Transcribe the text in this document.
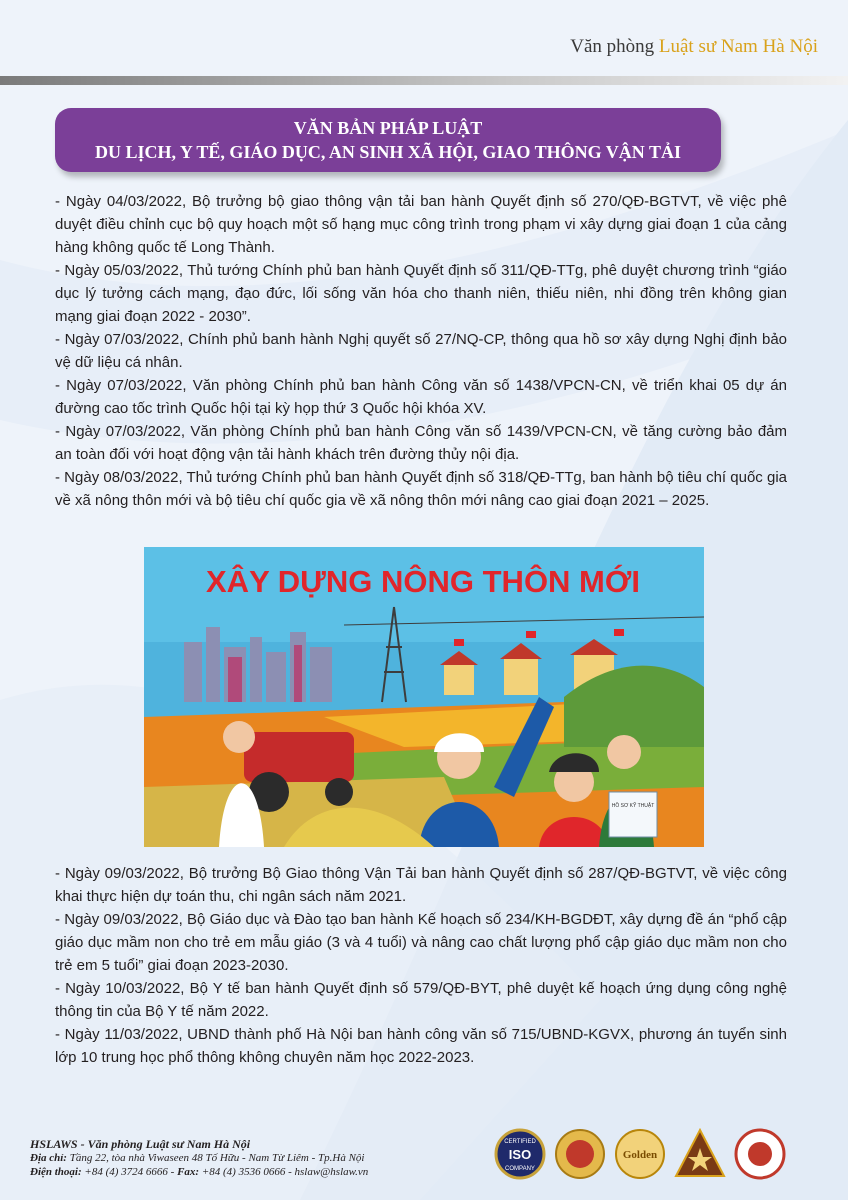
Văn phòng Luật sư Nam Hà Nội
VĂN BẢN PHÁP LUẬT
DU LỊCH, Y TẾ, GIÁO DỤC, AN SINH XÃ HỘI, GIAO THÔNG VẬN TẢI

- Ngày 04/03/2022, Bộ trưởng bộ giao thông vận tải ban hành Quyết định số 270/QĐ-BGTVT, về việc phê duyệt điều chỉnh cục bộ quy hoạch một số hạng mục công trình trong phạm vi xây dựng giai đoạn 1 của cảng hàng không quốc tế Long Thành.

- Ngày 05/03/2022, Thủ tướng Chính phủ ban hành Quyết định số 311/QĐ-TTg, phê duyệt chương trình “giáo dục lý tưởng cách mạng, đạo đức, lối sống văn hóa cho thanh niên, thiếu niên, nhi đồng trên không gian mạng giai đoạn 2022 - 2030”.

- Ngày 07/03/2022, Chính phủ banh hành Nghị quyết số 27/NQ-CP, thông qua hồ sơ xây dựng Nghị định bảo vệ dữ liệu cá nhân.

- Ngày 07/03/2022, Văn phòng Chính phủ ban hành Công văn số 1438/VPCN-CN, về triển khai 05 dự án đường cao tốc trình Quốc hội tại kỳ họp thứ 3 Quốc hội khóa XV.

- Ngày 07/03/2022, Văn phòng Chính phủ ban hành Công văn số 1439/VPCN-CN, về tăng cường bảo đảm an toàn đối với hoạt động vận tải hành khách trên đường thủy nội địa.

- Ngày 08/03/2022, Thủ tướng Chính phủ ban hành Quyết định số 318/QĐ-TTg, ban hành bộ tiêu chí quốc gia về xã nông thôn mới và bộ tiêu chí quốc gia về xã nông thôn mới nâng cao giai đoạn 2021 – 2025.

XÂY DỰNG NÔNG THÔN MỚI
HỒ SƠ KỸ THUẬT

- Ngày 09/03/2022, Bộ trưởng Bộ Giao thông Vận Tải ban hành Quyết định số 287/QĐ-BGTVT, về việc công khai thực hiện dự toán thu, chi ngân sách năm 2021.

- Ngày 09/03/2022, Bộ Giáo dục và Đào tạo ban hành Kế hoạch số 234/KH-BGDĐT, xây dựng đề án “phổ cập giáo dục mầm non cho trẻ em mẫu giáo (3 và 4 tuổi) và nâng cao chất lượng phổ cập giáo dục mầm non cho trẻ em 5 tuổi” giai đoạn 2023-2030.

- Ngày 10/03/2022, Bộ Y tế ban hành Quyết định số 579/QĐ-BYT, phê duyệt kế hoạch ứng dụng công nghệ thông tin của Bộ Y tế năm 2022.

- Ngày 11/03/2022, UBND thành phố Hà Nội ban hành công văn số 715/UBND-KGVX, phương án tuyển sinh lớp 10 trung học phổ thông không chuyên năm học 2022-2023.

HSLAWS - Văn phòng Luật sư Nam Hà Nội
Địa chỉ: Tầng 22, tòa nhà Viwaseen 48 Tố Hữu - Nam Từ Liêm - Tp.Hà Nội
Điện thoại: +84 (4) 3724 6666 - Fax: +84 (4) 3536 0666 - hslaw@hslaw.vn
CERTIFIED
ISO
COMPANY
Golden
